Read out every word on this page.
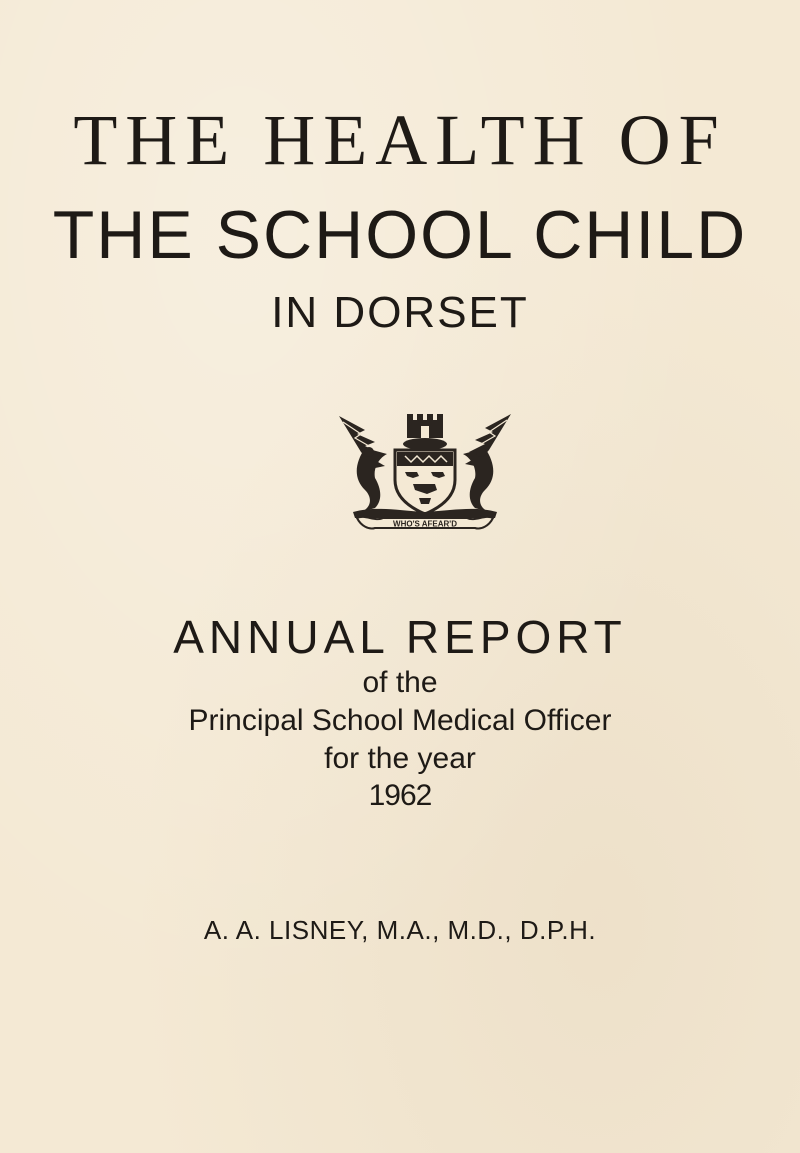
THE HEALTH OF
THE SCHOOL CHILD
IN DORSET
WHO'S AFEAR'D
ANNUAL REPORT
of the
Principal School Medical Officer
for the year
1962
A. A. LISNEY, M.A., M.D., D.P.H.
